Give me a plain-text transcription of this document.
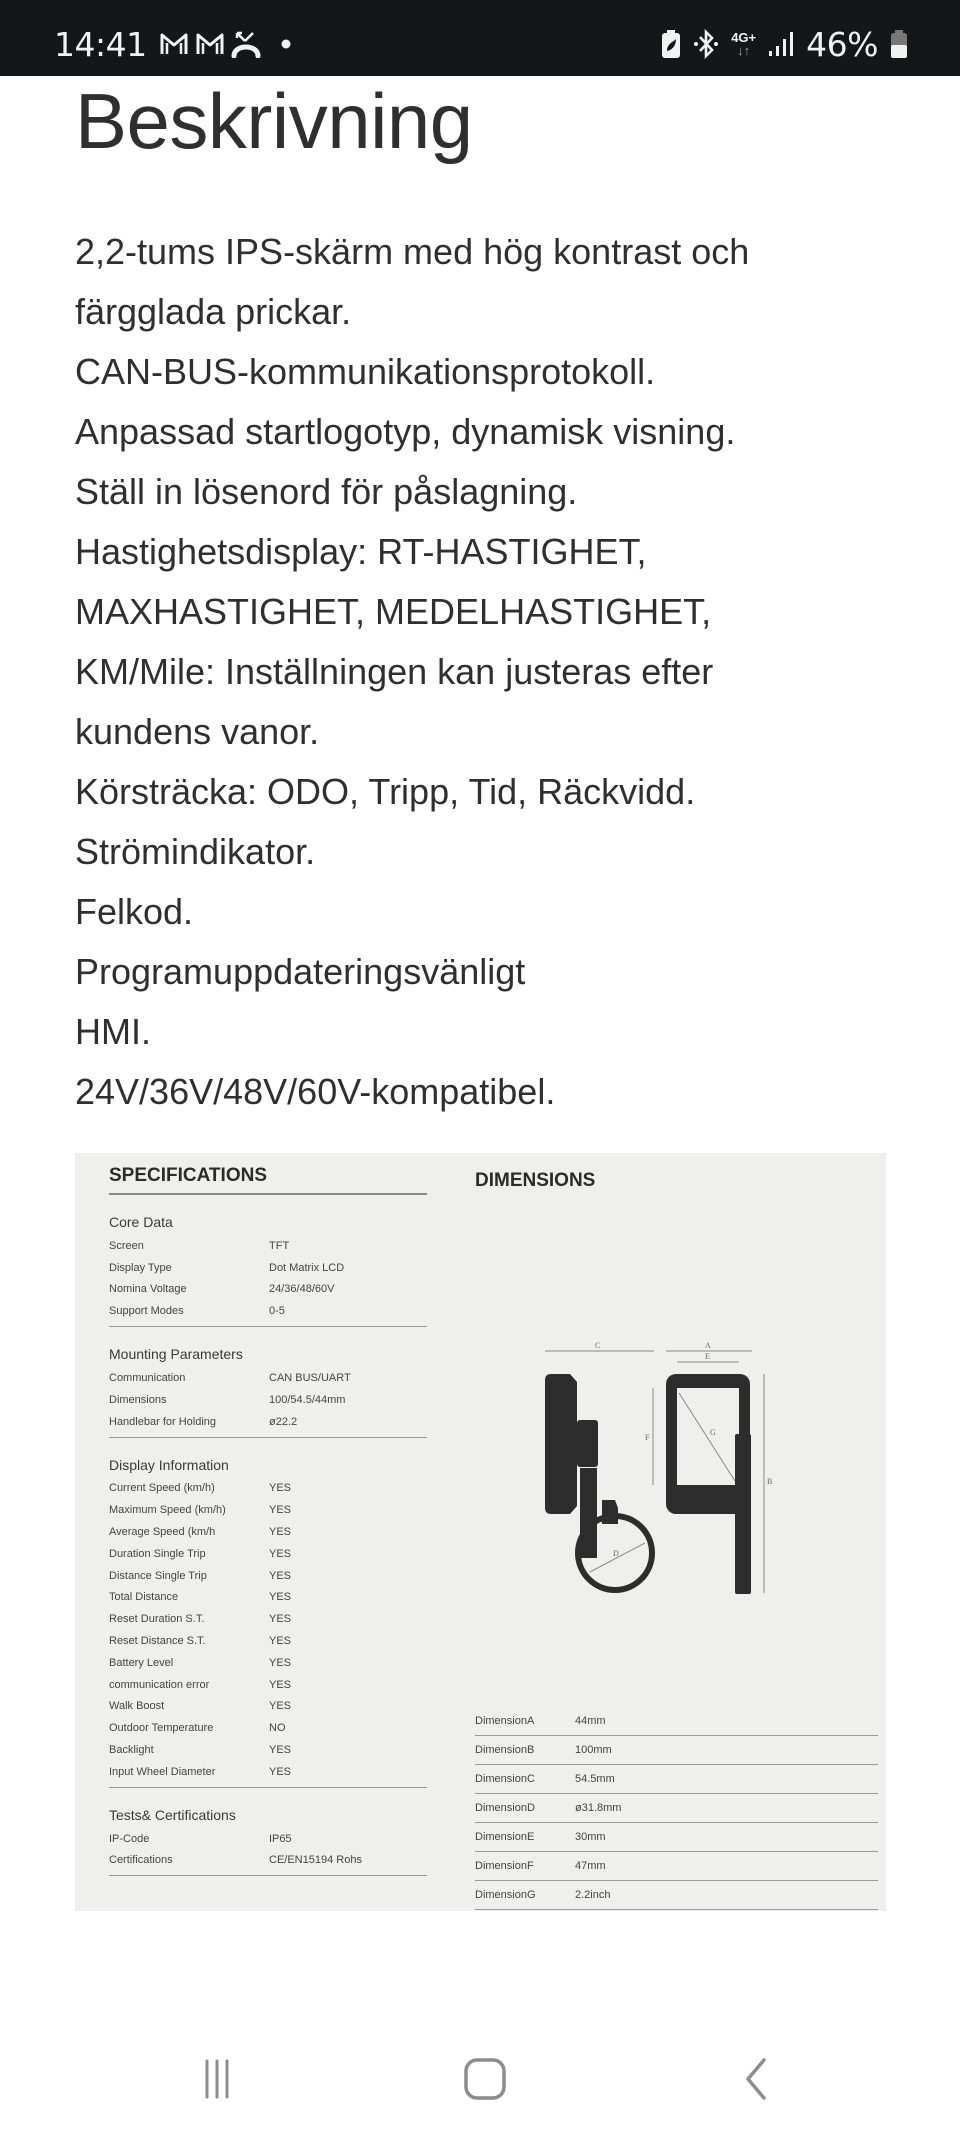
14:41	4G+
↓↑ 46%
Beskrivning
2,2-tums IPS-skärm med hög kontrast och
färgglada prickar.
CAN-BUS-kommunikationsprotokoll.
Anpassad startlogotyp, dynamisk visning.
Ställ in lösenord för påslagning.
Hastighetsdisplay: RT-HASTIGHET,
MAXHASTIGHET, MEDELHASTIGHET,
KM/Mile: Inställningen kan justeras efter
kundens vanor.
Körsträcka: ODO, Tripp, Tid, Räckvidd.
Strömindikator.
Felkod.
Programuppdateringsvänligt
HMI.
24V/36V/48V/60V-kompatibel.
SPECIFICATIONS
Core Data
Screen	TFT
Display Type	Dot Matrix LCD
Nomina Voltage	24/36/48/60V
Support Modes	0-5
Mounting Parameters
Communication	CAN BUS/UART
Dimensions	100/54.5/44mm
Handlebar for Holding	ø22.2
Display Information
Current Speed (km/h)	YES
Maximum Speed (km/h)	YES
Average Speed (km/h	YES
Duration Single Trip	YES
Distance Single Trip	YES
Total Distance	YES
Reset Duration S.T.	YES
Reset Distance S.T.	YES
Battery Level	YES
communication error	YES
Walk Boost	YES
Outdoor Temperature	NO
Backlight	YES
Input Wheel Diameter	YES
Tests& Certifications
IP-Code	IP65
Certifications	CE/EN15194 Rohs
DIMENSIONS
C	A
E
F
B
D
G
DimensionA	44mm
DimensionB	100mm
DimensionC	54.5mm
DimensionD	ø31.8mm
DimensionE	30mm
DimensionF	47mm
DimensionG	2.2inch
